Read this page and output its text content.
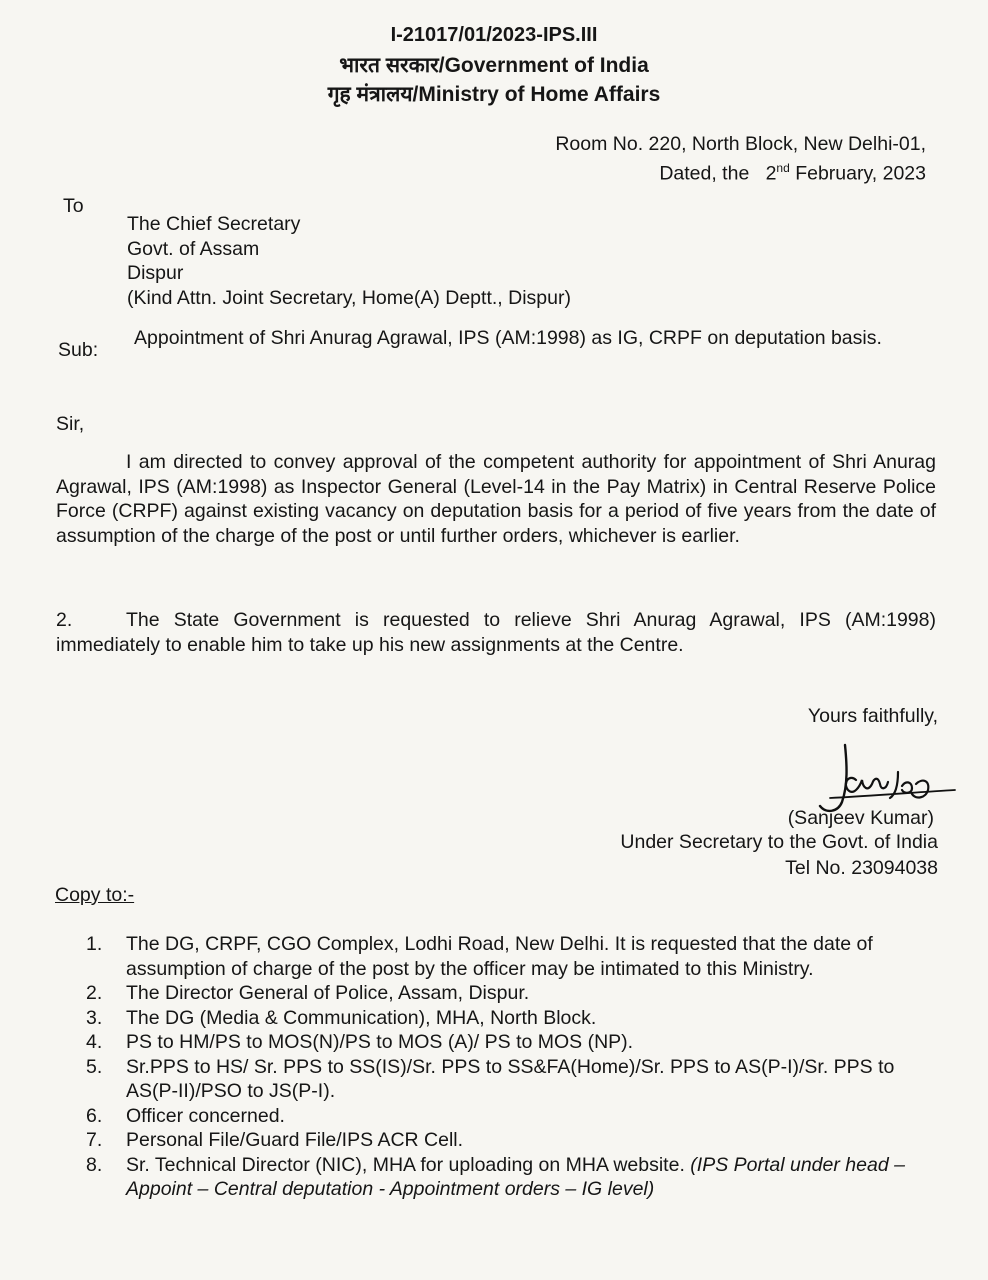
I-21017/01/2023-IPS.III
भारत सरकार/Government of India
गृह मंत्रालय/Ministry of Home Affairs
Room No. 220, North Block, New Delhi-01,
Dated, the 2nd February, 2023
To
The Chief Secretary
Govt. of Assam
Dispur
(Kind Attn. Joint Secretary, Home(A) Deptt., Dispur)
Sub:
Appointment of Shri Anurag Agrawal, IPS (AM:1998) as IG, CRPF on deputation basis.
Sir,
I am directed to convey approval of the competent authority for appointment of Shri Anurag Agrawal, IPS (AM:1998) as Inspector General (Level-14 in the Pay Matrix) in Central Reserve Police Force (CRPF) against existing vacancy on deputation basis for a period of five years from the date of assumption of the charge of the post or until further orders, whichever is earlier.
2.	The State Government is requested to relieve Shri Anurag Agrawal, IPS (AM:1998) immediately to enable him to take up his new assignments at the Centre.
Yours faithfully,
(Sanjeev Kumar)
Under Secretary to the Govt. of India
Tel No. 23094038
Copy to:-
1. The DG, CRPF, CGO Complex, Lodhi Road, New Delhi. It is requested that the date of assumption of charge of the post by the officer may be intimated to this Ministry.
2. The Director General of Police, Assam, Dispur.
3. The DG (Media & Communication), MHA, North Block.
4. PS to HM/PS to MOS(N)/PS to MOS (A)/ PS to MOS (NP).
5. Sr.PPS to HS/ Sr. PPS to SS(IS)/Sr. PPS to SS&FA(Home)/Sr. PPS to AS(P-I)/Sr. PPS to AS(P-II)/PSO to JS(P-I).
6. Officer concerned.
7. Personal File/Guard File/IPS ACR Cell.
8. Sr. Technical Director (NIC), MHA for uploading on MHA website. (IPS Portal under head – Appoint – Central deputation - Appointment orders – IG level)
